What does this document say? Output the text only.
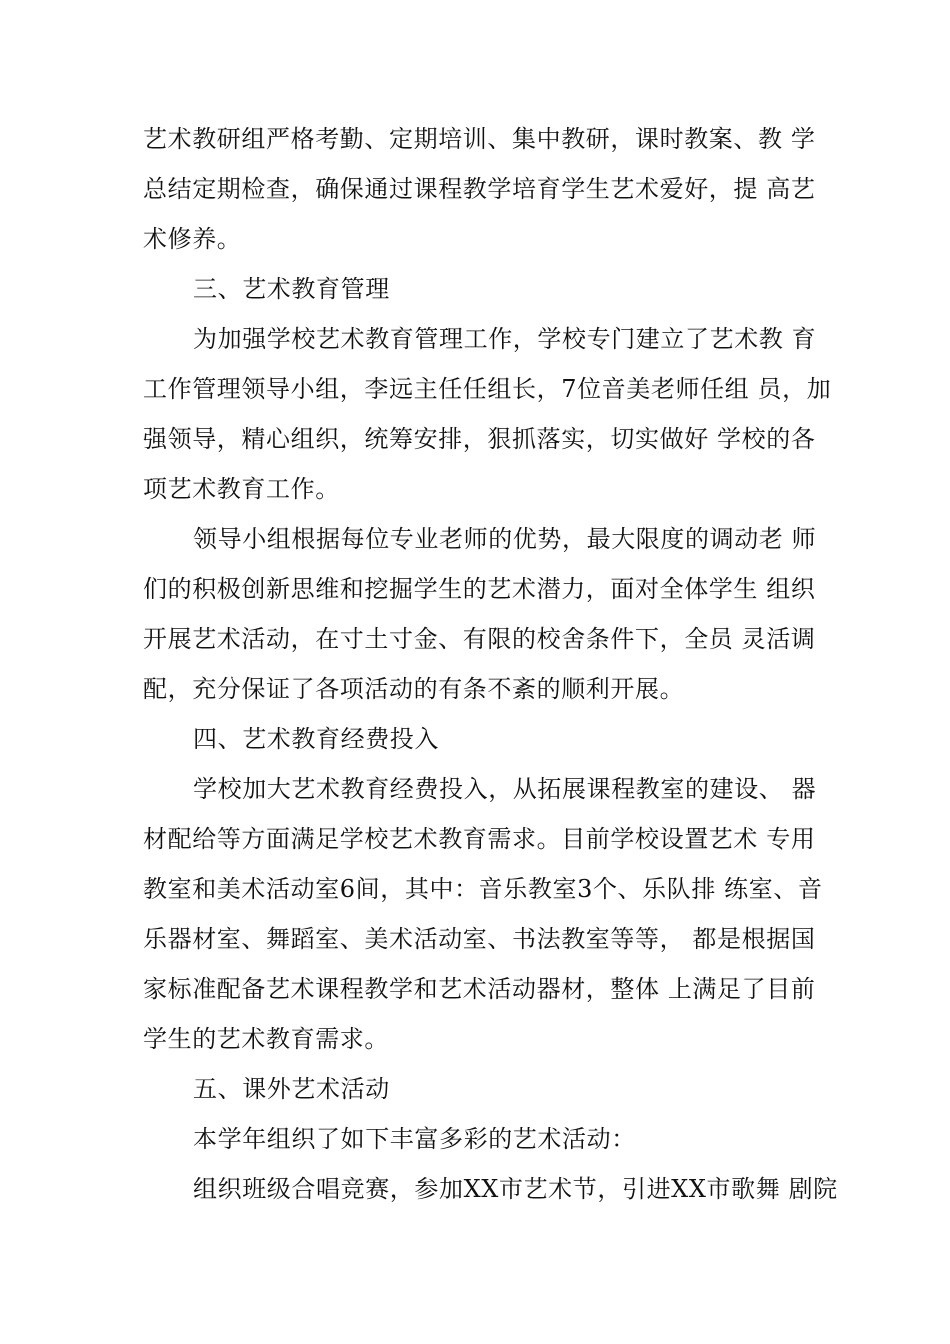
艺术教研组严格考勤、定期培训、集中教研，课时教案、教 学
总结定期检查，确保通过课程教学培育学生艺术爱好，提 高艺
术修养。
三、艺术教育管理
为加强学校艺术教育管理工作，学校专门建立了艺术教 育
工作管理领导小组，李远主任任组长，7位音美老师任组 员，加
强领导，精心组织，统筹安排，狠抓落实，切实做好 学校的各
项艺术教育工作。
领导小组根据每位专业老师的优势，最大限度的调动老 师
们的积极创新思维和挖掘学生的艺术潜力，面对全体学生 组织
开展艺术活动，在寸土寸金、有限的校舍条件下，全员 灵活调
配，充分保证了各项活动的有条不紊的顺利开展。
四、艺术教育经费投入
学校加大艺术教育经费投入，从拓展课程教室的建设、 器
材配给等方面满足学校艺术教育需求。目前学校设置艺术 专用
教室和美术活动室6间，其中：音乐教室3个、乐队排 练室、音
乐器材室、舞蹈室、美术活动室、书法教室等等， 都是根据国
家标准配备艺术课程教学和艺术活动器材，整体 上满足了目前
学生的艺术教育需求。
五、课外艺术活动
本学年组织了如下丰富多彩的艺术活动：
组织班级合唱竞赛，参加XX市艺术节，引进XX市歌舞 剧院
